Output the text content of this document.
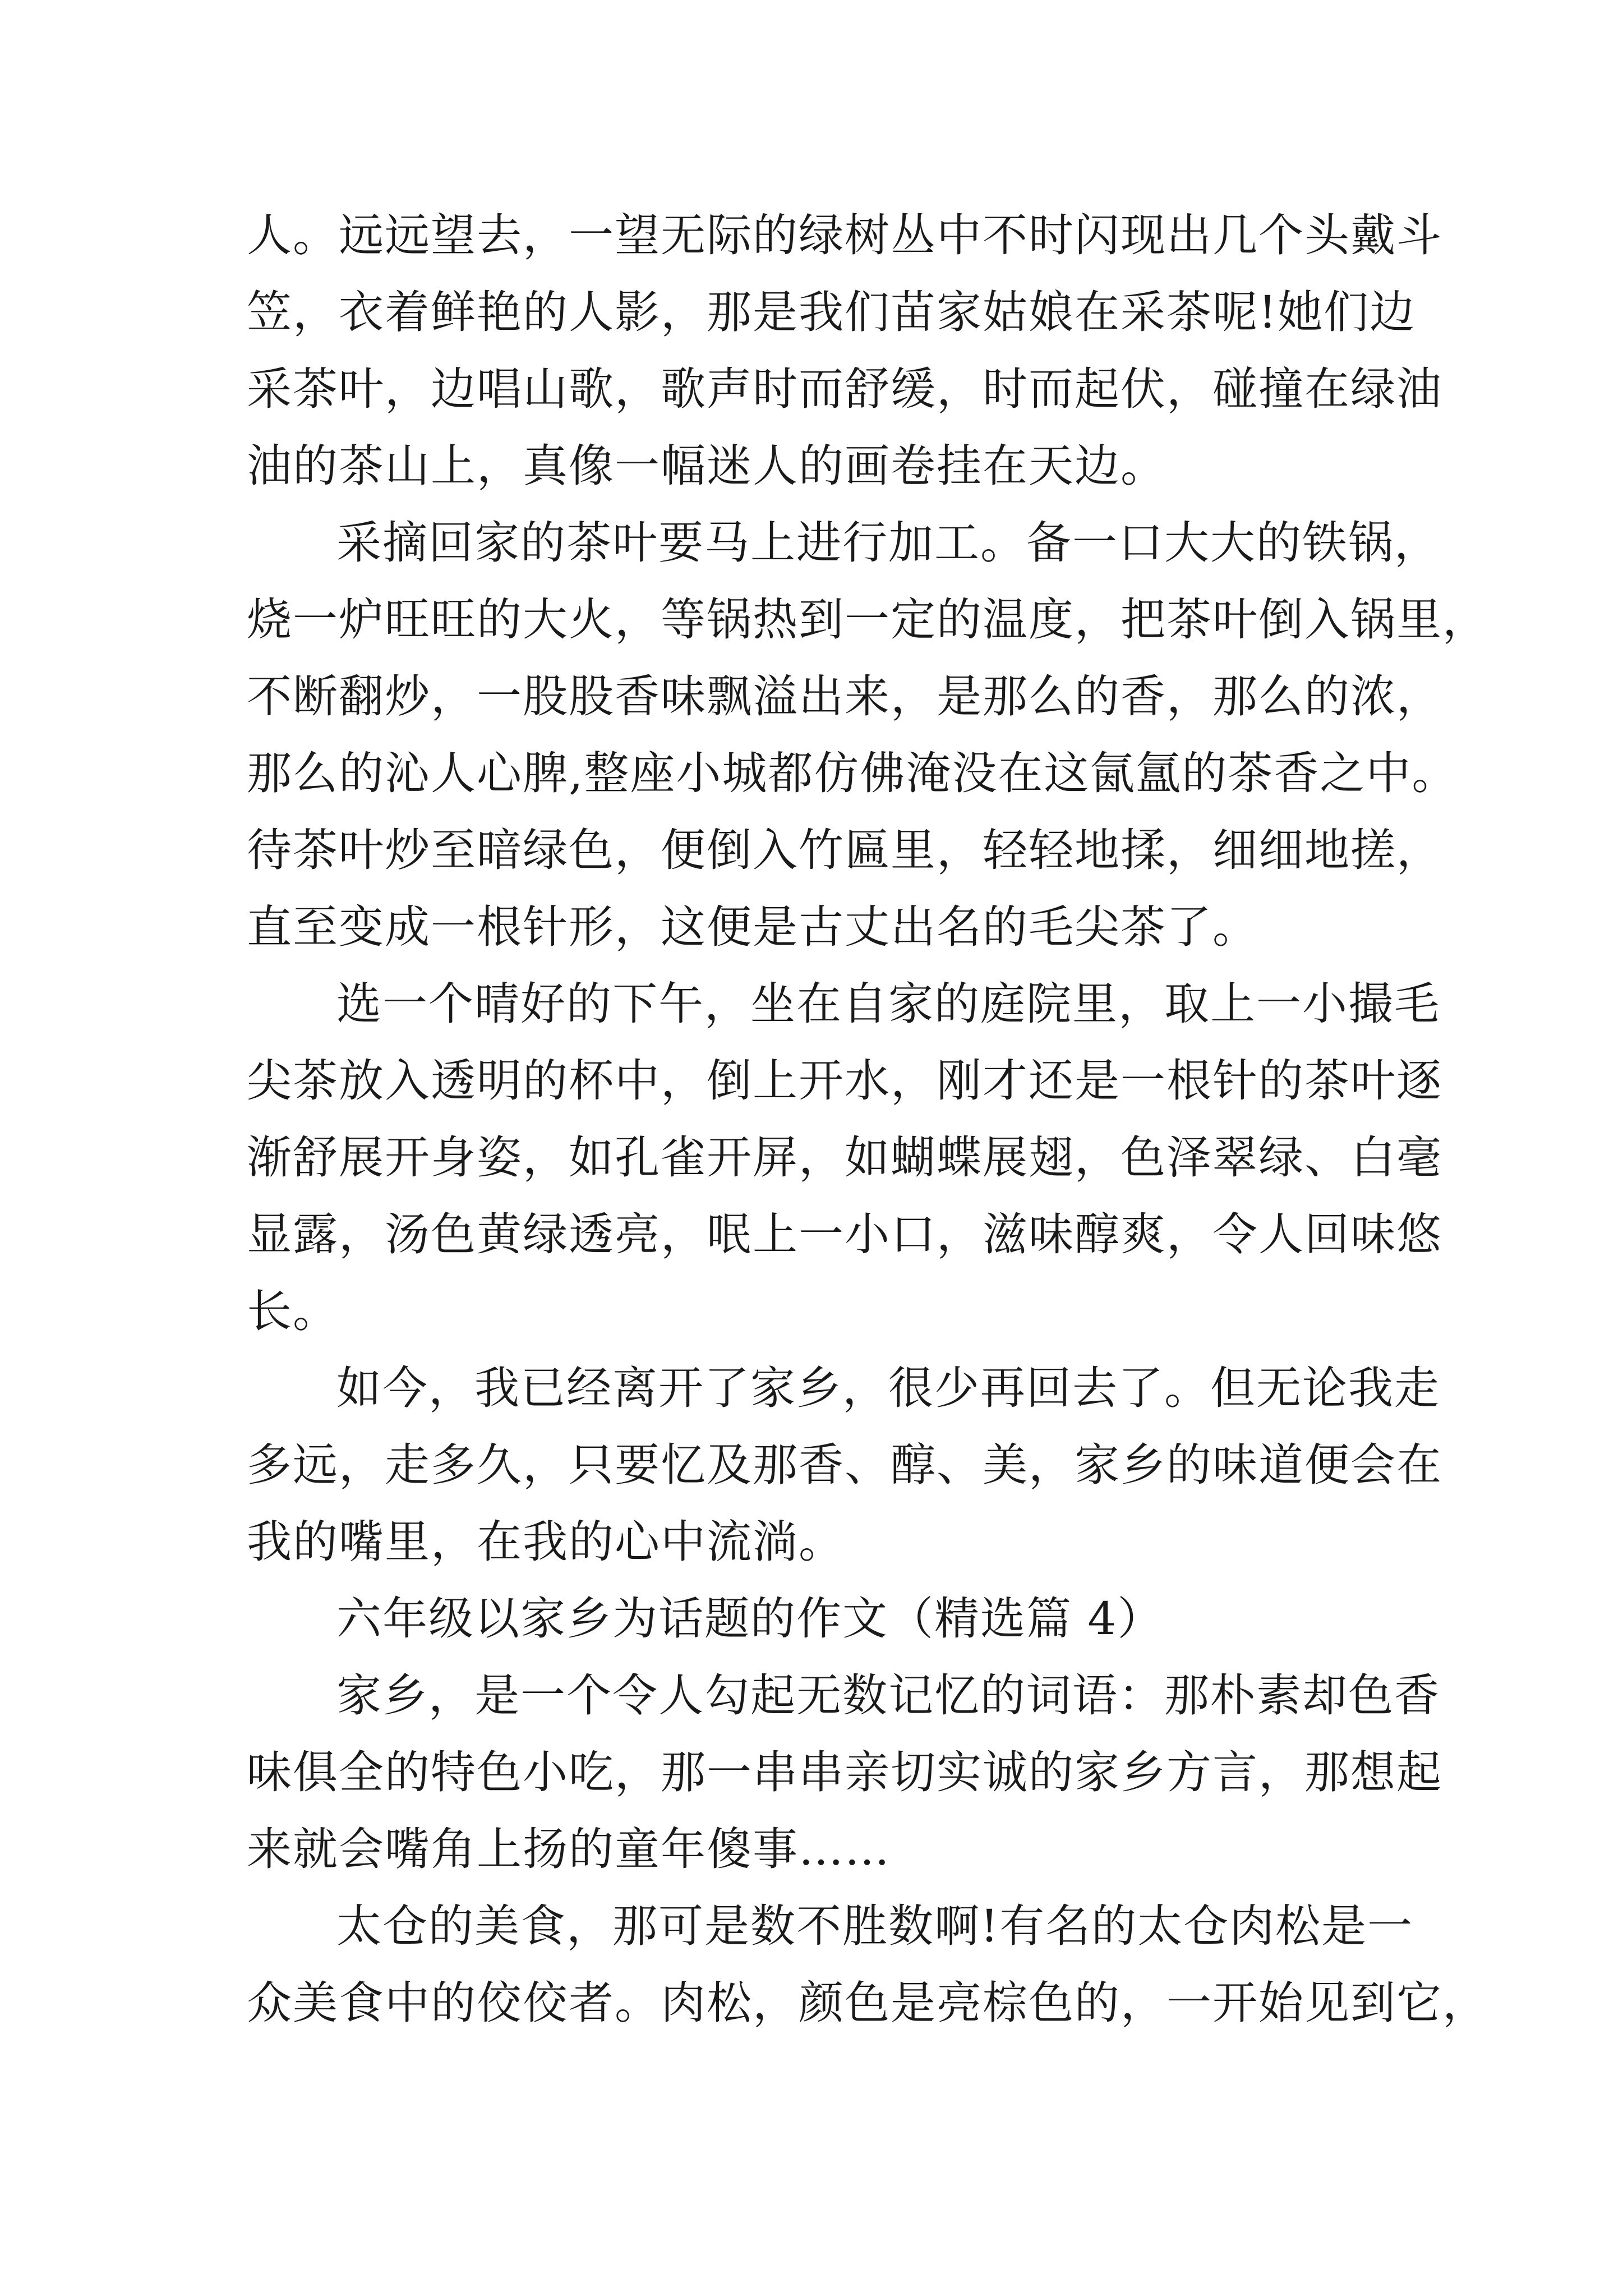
人。远远望去，一望无际的绿树丛中不时闪现出几个头戴斗
笠，衣着鲜艳的人影，那是我们苗家姑娘在采茶呢!她们边
采茶叶，边唱山歌，歌声时而舒缓，时而起伏，碰撞在绿油
油的茶山上，真像一幅迷人的画卷挂在天边。
采摘回家的茶叶要马上进行加工。备一口大大的铁锅，
烧一炉旺旺的大火，等锅热到一定的温度，把茶叶倒入锅里，
不断翻炒，一股股香味飘溢出来，是那么的香，那么的浓，
那么的沁人心脾,整座小城都仿佛淹没在这氤氲的茶香之中。
待茶叶炒至暗绿色，便倒入竹匾里，轻轻地揉，细细地搓，
直至变成一根针形，这便是古丈出名的毛尖茶了。
选一个晴好的下午，坐在自家的庭院里，取上一小撮毛
尖茶放入透明的杯中，倒上开水，刚才还是一根针的茶叶逐
渐舒展开身姿，如孔雀开屏，如蝴蝶展翅，色泽翠绿、白毫
显露，汤色黄绿透亮，呡上一小口，滋味醇爽，令人回味悠
长。
如今，我已经离开了家乡，很少再回去了。但无论我走
多远，走多久，只要忆及那香、醇、美，家乡的味道便会在
我的嘴里，在我的心中流淌。
六年级以家乡为话题的作文（精选篇 4）
家乡，是一个令人勾起无数记忆的词语：那朴素却色香
味俱全的特色小吃，那一串串亲切实诚的家乡方言，那想起
来就会嘴角上扬的童年傻事……
太仓的美食，那可是数不胜数啊!有名的太仓肉松是一
众美食中的佼佼者。肉松，颜色是亮棕色的，一开始见到它，
